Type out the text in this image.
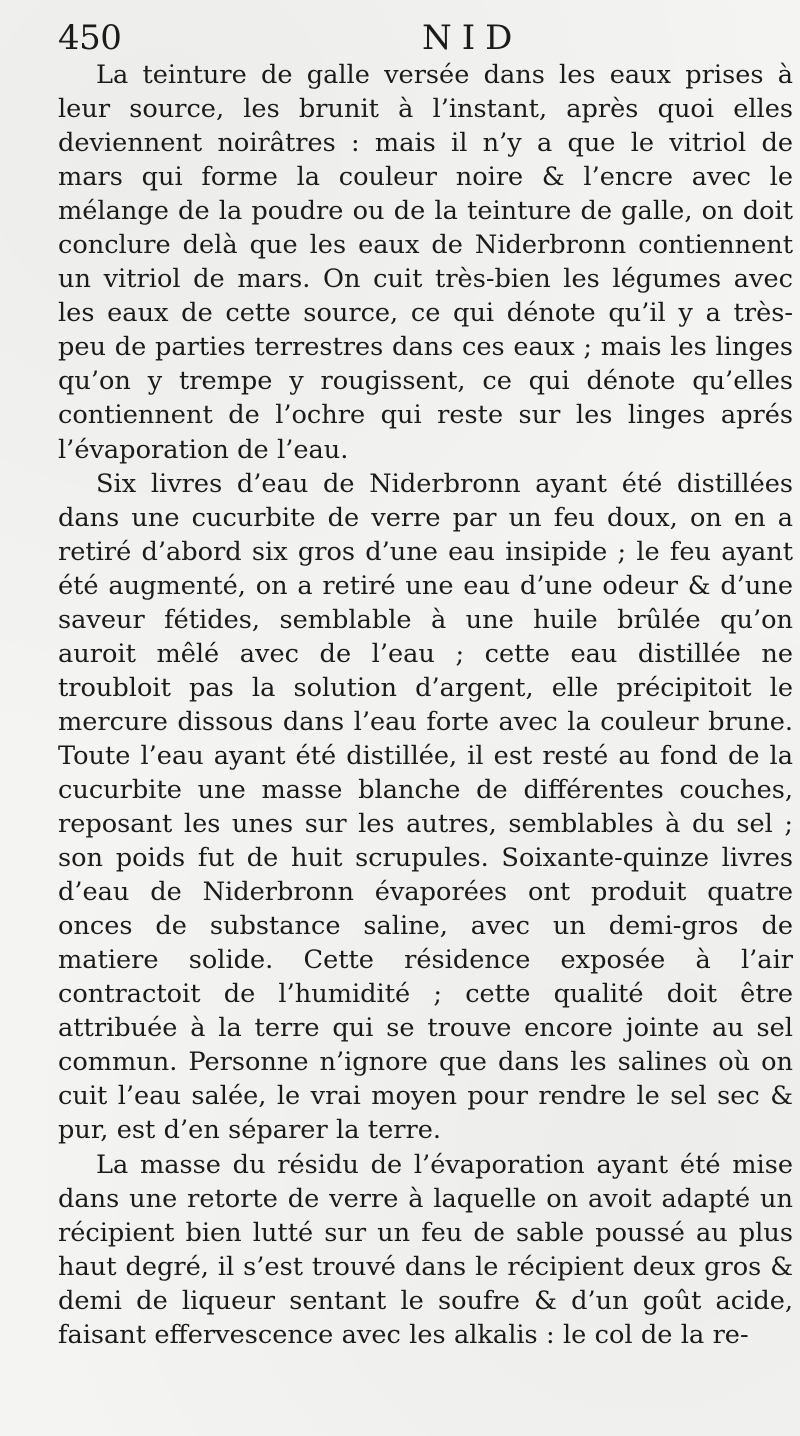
450	NID

La teinture de galle versée dans les eaux prises à leur source, les brunit à l’instant, après quoi elles deviennent noirâtres : mais il n’y a que le vitriol de mars qui forme la couleur noire & l’encre avec le mélange de la poudre ou de la teinture de galle, on doit conclure delà que les eaux de Niderbronn contiennent un vitriol de mars. On cuit très-bien les légumes avec les eaux de cette source, ce qui dénote qu’il y a très-peu de parties terrestres dans ces eaux ; mais les linges qu’on y trempe y rougissent, ce qui dénote qu’elles contiennent de l’ochre qui reste sur les linges aprés l’évaporation de l’eau.

Six livres d’eau de Niderbronn ayant été distillées dans une cucurbite de verre par un feu doux, on en a retiré d’abord six gros d’une eau insipide ; le feu ayant été augmenté, on a retiré une eau d’une odeur & d’une saveur fétides, semblable à une huile brûlée qu’on auroit mêlé avec de l’eau ; cette eau distillée ne troubloit pas la solution d’argent, elle précipitoit le mercure dissous dans l’eau forte avec la couleur brune. Toute l’eau ayant été distillée, il est resté au fond de la cucurbite une masse blanche de différentes couches, reposant les unes sur les autres, semblables à du sel ; son poids fut de huit scrupules. Soixante-quinze livres d’eau de Niderbronn évaporées ont produit quatre onces de substance saline, avec un demi-gros de matiere solide. Cette résidence exposée à l’air contractoit de l’humidité ; cette qualité doit être attribuée à la terre qui se trouve encore jointe au sel commun. Personne n’ignore que dans les salines où on cuit l’eau salée, le vrai moyen pour rendre le sel sec & pur, est d’en séparer la terre.

La masse du résidu de l’évaporation ayant été mise dans une retorte de verre à laquelle on avoit adapté un récipient bien lutté sur un feu de sable poussé au plus haut degré, il s’est trouvé dans le récipient deux gros & demi de liqueur sentant le soufre & d’un goût acide, faisant effervescence avec les alkalis : le col de la re-
